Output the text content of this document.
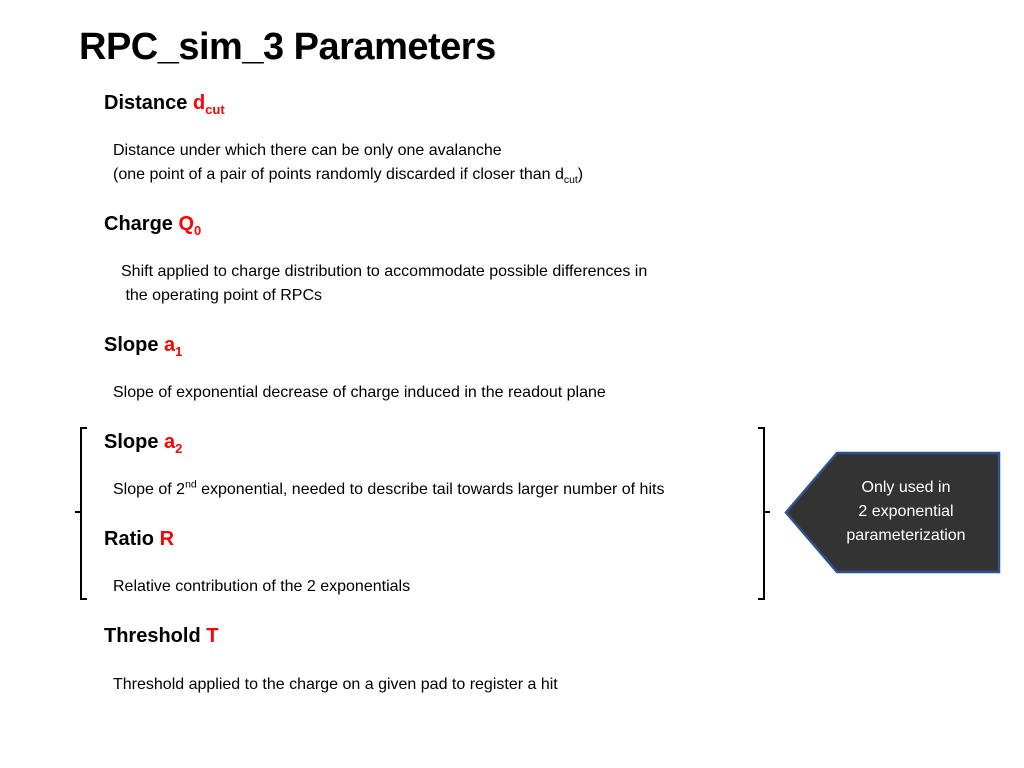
RPC_sim_3 Parameters
Distance $d_{cut}$
Distance under which there can be only one avalanche
(one point of a pair of points randomly discarded if closer than $d_{cut}$)
Charge $Q_0$
Shift applied to charge distribution to accommodate possible differences in
the operating point of RPCs
Slope $a_1$
Slope of exponential decrease of charge induced in the readout plane
Slope $a_2$
Slope of 2nd exponential, needed to describe tail towards larger number of hits
Ratio R
Relative contribution of the 2 exponentials
Threshold T
Threshold applied to the charge on a given pad to register a hit
Only used in
2 exponential
parameterization
